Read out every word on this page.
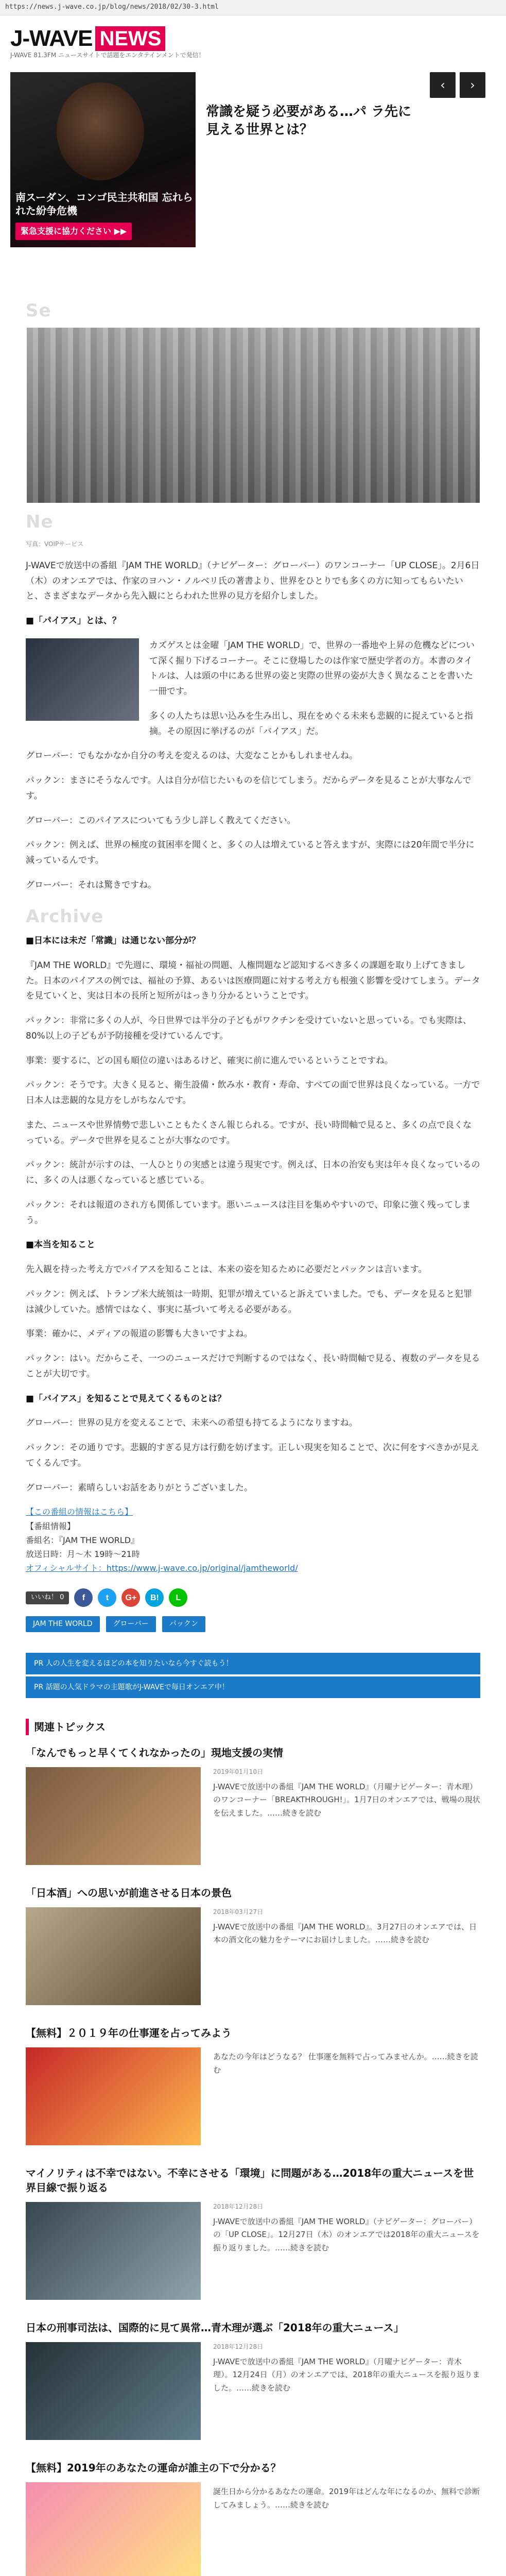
https://news.j-wave.co.jp/blog/news/2018/02/30-3.html
J-WAVE NEWS
J-WAVE 81.3FM ニュースサイトで話題をエンタテインメントで発信！
南スーダン、コンゴ民主共和国 忘れられた紛争危機
緊急支援に協力ください ▶▶
常識を疑う必要がある…パ ラ先に見える世界とは？
‹	›
Se
Ne
写真：VOIPサービス

J-WAVEで放送中の番組『JAM THE WORLD』（ナビゲーター：グローバー）のワンコーナー「UP CLOSE」。2月6日（木）のオンエアでは、作家のヨハン・ノルベリ氏の著書より、世界をひとりでも多くの方に知ってもらいたいと、さまざまなデータから先入観にとらわれた世界の見方を紹介しました。

■「パイアス」とは、？

カズゲスとは金曜「JAM THE WORLD」で、世界の一番地や上昇の危機などについて深く掘り下げるコーナー。そこに登場したのは作家で歴史学者の方。本書のタイトルは、人は頭の中にある世界の姿と実際の世界の姿が大きく異なることを書いた一冊です。

多くの人たちは思い込みを生み出し、現在をめぐる未来も悲観的に捉えていると指摘。その原因に挙げるのが「バイアス」だ。

グローバー：でもなかなか自分の考えを変えるのは、大変なことかもしれませんね。

パックン：まさにそうなんです。人は自分が信じたいものを信じてしまう。だからデータを見ることが大事なんです。

グローバー：このパイアスについてもう少し詳しく教えてください。

パックン：例えば、世界の極度の貧困率を聞くと、多くの人は増えていると答えますが、実際には20年間で半分に減っているんです。

グローバー：それは驚きですね。

Archive

■日本には未だ「常識」は通じない部分が？

『JAM THE WORLD』で先週に、環境・福祉の問題、人権問題など認知するべき多くの課題を取り上げてきました。日本のパイアスの例では、福祉の予算、あるいは医療問題に対する考え方も根強く影響を受けてしまう。データを見ていくと、実は日本の長所と短所がはっきり分かるということです。

パックン：非常に多くの人が、今日世界では半分の子どもがワクチンを受けていないと思っている。でも実際は、80%以上の子どもが予防接種を受けているんです。

事業：要するに、どの国も順位の違いはあるけど、確実に前に進んでいるということですね。

パックン：そうです。大きく見ると、衛生設備・飲み水・教育・寿命、すべての面で世界は良くなっている。一方で日本人は悲観的な見方をしがちなんです。

また、ニュースや世界情勢で悲しいこともたくさん報じられる。ですが、長い時間軸で見ると、多くの点で良くなっている。データで世界を見ることが大事なのです。

パックン：統計が示すのは、一人ひとりの実感とは違う現実です。例えば、日本の治安も実は年々良くなっているのに、多くの人は悪くなっていると感じている。

パックン：それは報道のされ方も関係しています。悪いニュースは注目を集めやすいので、印象に強く残ってしまう。

■本当を知ること

先入観を持った考え方でパイアスを知ることは、本来の姿を知るために必要だとパックンは言います。

パックン：例えば、トランプ米大統領は一時期、犯罪が増えていると訴えていました。でも、データを見ると犯罪は減少していた。感情ではなく、事実に基づいて考える必要がある。

事業：確かに、メディアの報道の影響も大きいですよね。

パックン：はい。だからこそ、一つのニュースだけで判断するのではなく、長い時間軸で見る、複数のデータを見ることが大切です。

■「バイアス」を知ることで見えてくるものとは？

グローバー：世界の見方を変えることで、未来への希望も持てるようになりますね。

パックン：その通りです。悲観的すぎる見方は行動を妨げます。正しい現実を知ることで、次に何をすべきかが見えてくるんです。

グローバー：素晴らしいお話をありがとうございました。

【この番組の情報はこちら】
【番組情報】
番組名：『JAM THE WORLD』
放送日時：月～木 19時～21時
オフィシャルサイト：https://www.j-wave.co.jp/original/jamtheworld/
いいね！ 0	f	t	G+	B!	L
JAM THE WORLD	グローバー	パックン
PR 人の人生を変えるほどの本を知りたいなら今すぐ読もう！
PR 話題の人気ドラマの主題歌がJ-WAVEで毎日オンエア中！
関連トピックス
「なんでもっと早くてくれなかったの」現地支援の実情
2019年01月10日
J-WAVEで放送中の番組『JAM THE WORLD』（月曜ナビゲーター：青木理）のワンコーナー「BREAKTHROUGH!」。1月7日のオンエアでは、戦場の現状を伝えました。……続きを読む
「日本酒」への思いが前進させる日本の景色
2018年03月27日
J-WAVEで放送中の番組『JAM THE WORLD』。3月27日のオンエアでは、日本の酒文化の魅力をテーマにお届けしました。……続きを読む
【無料】２０１９年の仕事運を占ってみよう
あなたの今年はどうなる？ 仕事運を無料で占ってみませんか。……続きを読む
マイノリティは不幸ではない。不幸にさせる「環境」に問題がある…2018年の重大ニュースを世界目線で振り返る
2018年12月28日
J-WAVEで放送中の番組『JAM THE WORLD』（ナビゲーター：グローバー）の「UP CLOSE」。12月27日（木）のオンエアでは2018年の重大ニュースを振り返りました。……続きを読む
日本の刑事司法は、国際的に見て異常…青木理が選ぶ「2018年の重大ニュース」
2018年12月28日
J-WAVEで放送中の番組『JAM THE WORLD』（月曜ナビゲーター：青木理）。12月24日（月）のオンエアでは、2018年の重大ニュースを振り返りました。……続きを読む
【無料】2019年のあなたの運命が誰主の下で分かる？
誕生日から分かるあなたの運命。2019年はどんな年になるのか、無料で診断してみましょう。……続きを読む
